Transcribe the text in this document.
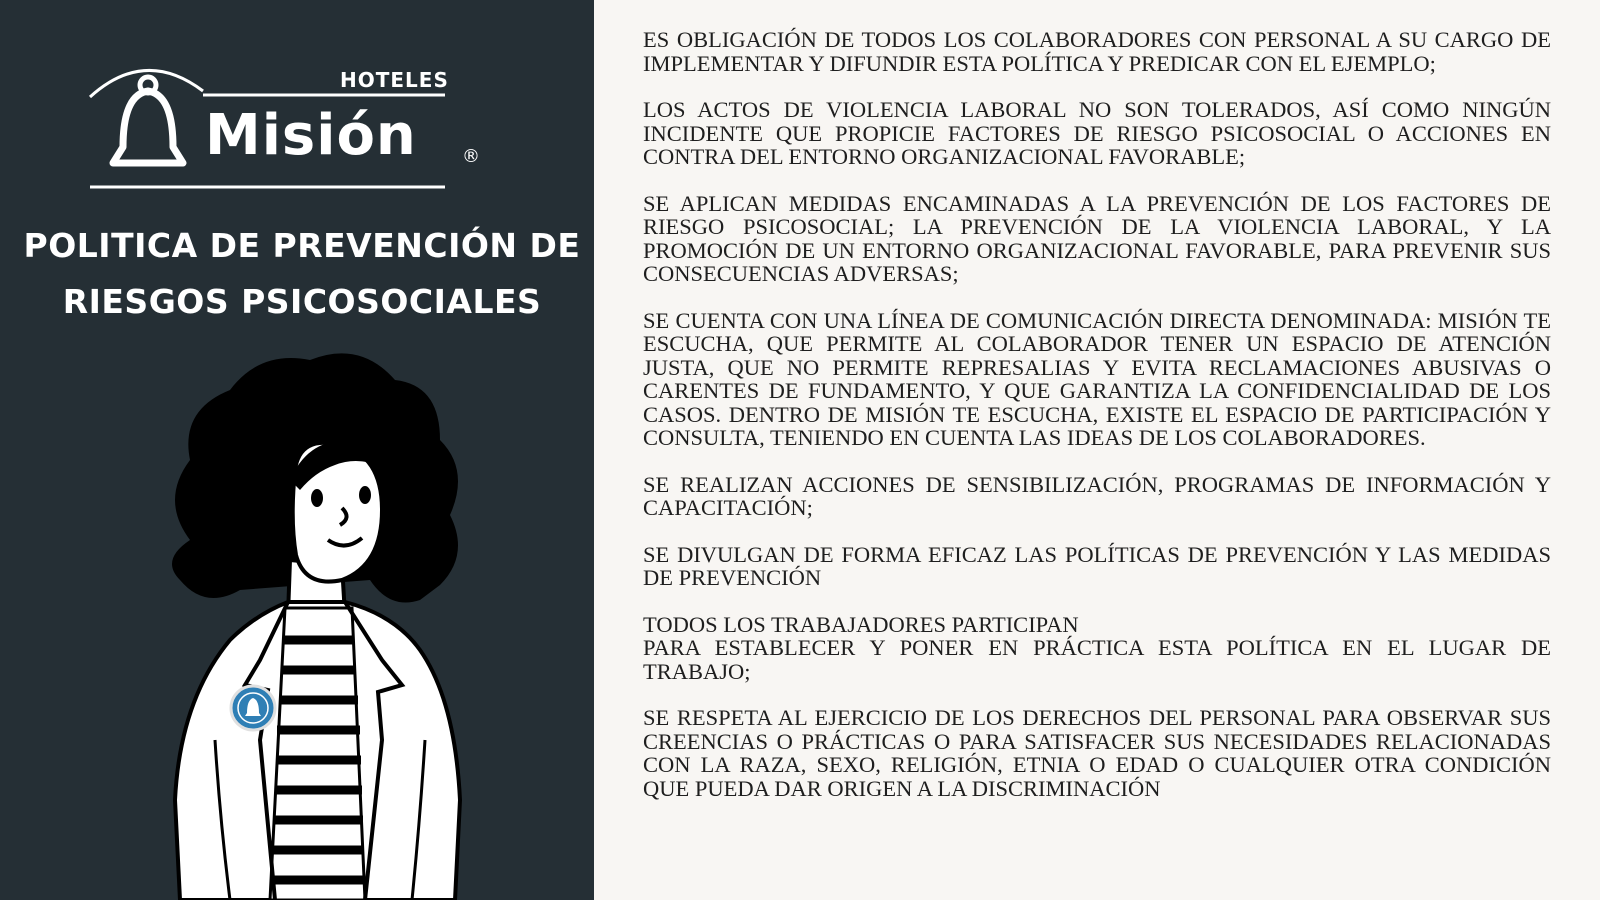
HOTELES
Misión	®
POLITICA DE PREVENCIÓN DE
RIESGOS PSICOSOCIALES

ES OBLIGACIÓN DE TODOS LOS COLABORADORES CON PERSONAL A SU CARGO DE IMPLEMENTAR Y DIFUNDIR ESTA POLÍTICA Y PREDICAR CON EL EJEMPLO;

LOS ACTOS DE VIOLENCIA LABORAL NO SON TOLERADOS, ASÍ COMO NINGÚN INCIDENTE QUE PROPICIE FACTORES DE RIESGO PSICOSOCIAL O ACCIONES EN CONTRA DEL ENTORNO ORGANIZACIONAL FAVORABLE;

SE APLICAN MEDIDAS ENCAMINADAS A LA PREVENCIÓN DE LOS FACTORES DE RIESGO PSICOSOCIAL; LA PREVENCIÓN DE LA VIOLENCIA LABORAL, Y LA PROMOCIÓN DE UN ENTORNO ORGANIZACIONAL FAVORABLE, PARA PREVENIR SUS CONSECUENCIAS ADVERSAS;

SE CUENTA CON UNA LÍNEA DE COMUNICACIÓN DIRECTA DENOMINADA: MISIÓN TE ESCUCHA, QUE PERMITE AL COLABORADOR TENER UN ESPACIO DE ATENCIÓN JUSTA, QUE NO PERMITE REPRESALIAS Y EVITA RECLAMACIONES ABUSIVAS O CARENTES DE FUNDAMENTO, Y QUE GARANTIZA LA CONFIDENCIALIDAD DE LOS CASOS. DENTRO DE MISIÓN TE ESCUCHA, EXISTE EL ESPACIO DE PARTICIPACIÓN Y CONSULTA, TENIENDO EN CUENTA LAS IDEAS DE LOS COLABORADORES.

SE REALIZAN ACCIONES DE SENSIBILIZACIÓN, PROGRAMAS DE INFORMACIÓN Y CAPACITACIÓN;

SE DIVULGAN DE FORMA EFICAZ LAS POLÍTICAS DE PREVENCIÓN Y LAS MEDIDAS DE PREVENCIÓN

TODOS LOS TRABAJADORES PARTICIPAN

PARA ESTABLECER Y PONER EN PRÁCTICA ESTA POLÍTICA EN EL LUGAR DE TRABAJO;

SE RESPETA AL EJERCICIO DE LOS DERECHOS DEL PERSONAL PARA OBSERVAR SUS CREENCIAS O PRÁCTICAS O PARA SATISFACER SUS NECESIDADES RELACIONADAS CON LA RAZA, SEXO, RELIGIÓN, ETNIA O EDAD O CUALQUIER OTRA CONDICIÓN QUE PUEDA DAR ORIGEN A LA DISCRIMINACIÓN
